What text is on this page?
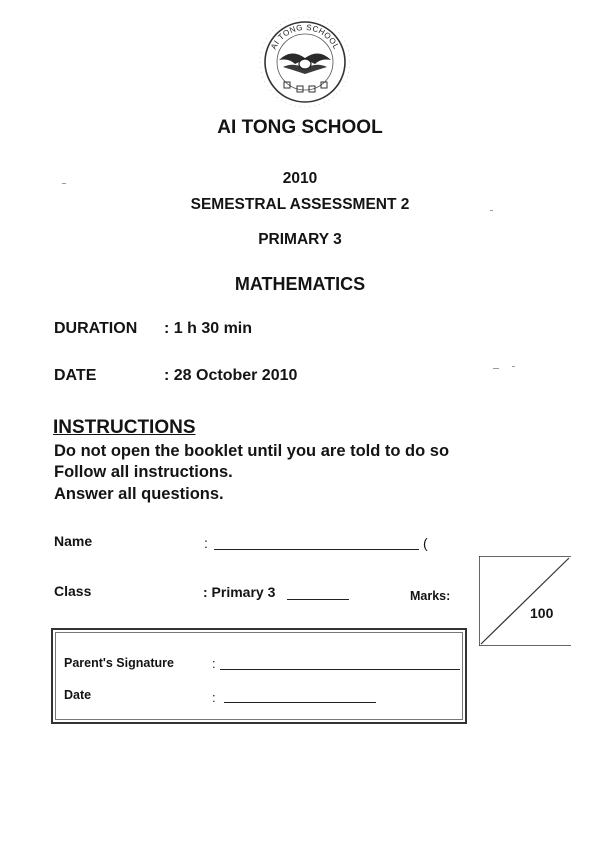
AI TONG SCHOOL
AI TONG SCHOOL
2010
SEMESTRAL ASSESSMENT 2
PRIMARY 3
MATHEMATICS
DURATION : 1 h 30 min
DATE	: 28 October 2010
INSTRUCTIONS
Do not open the booklet until you are told to do so
Follow all instructions.
Answer all questions.
Name	:	(
Class	: Primary 3	Marks:
100
Parent's Signature	:
Date	:
